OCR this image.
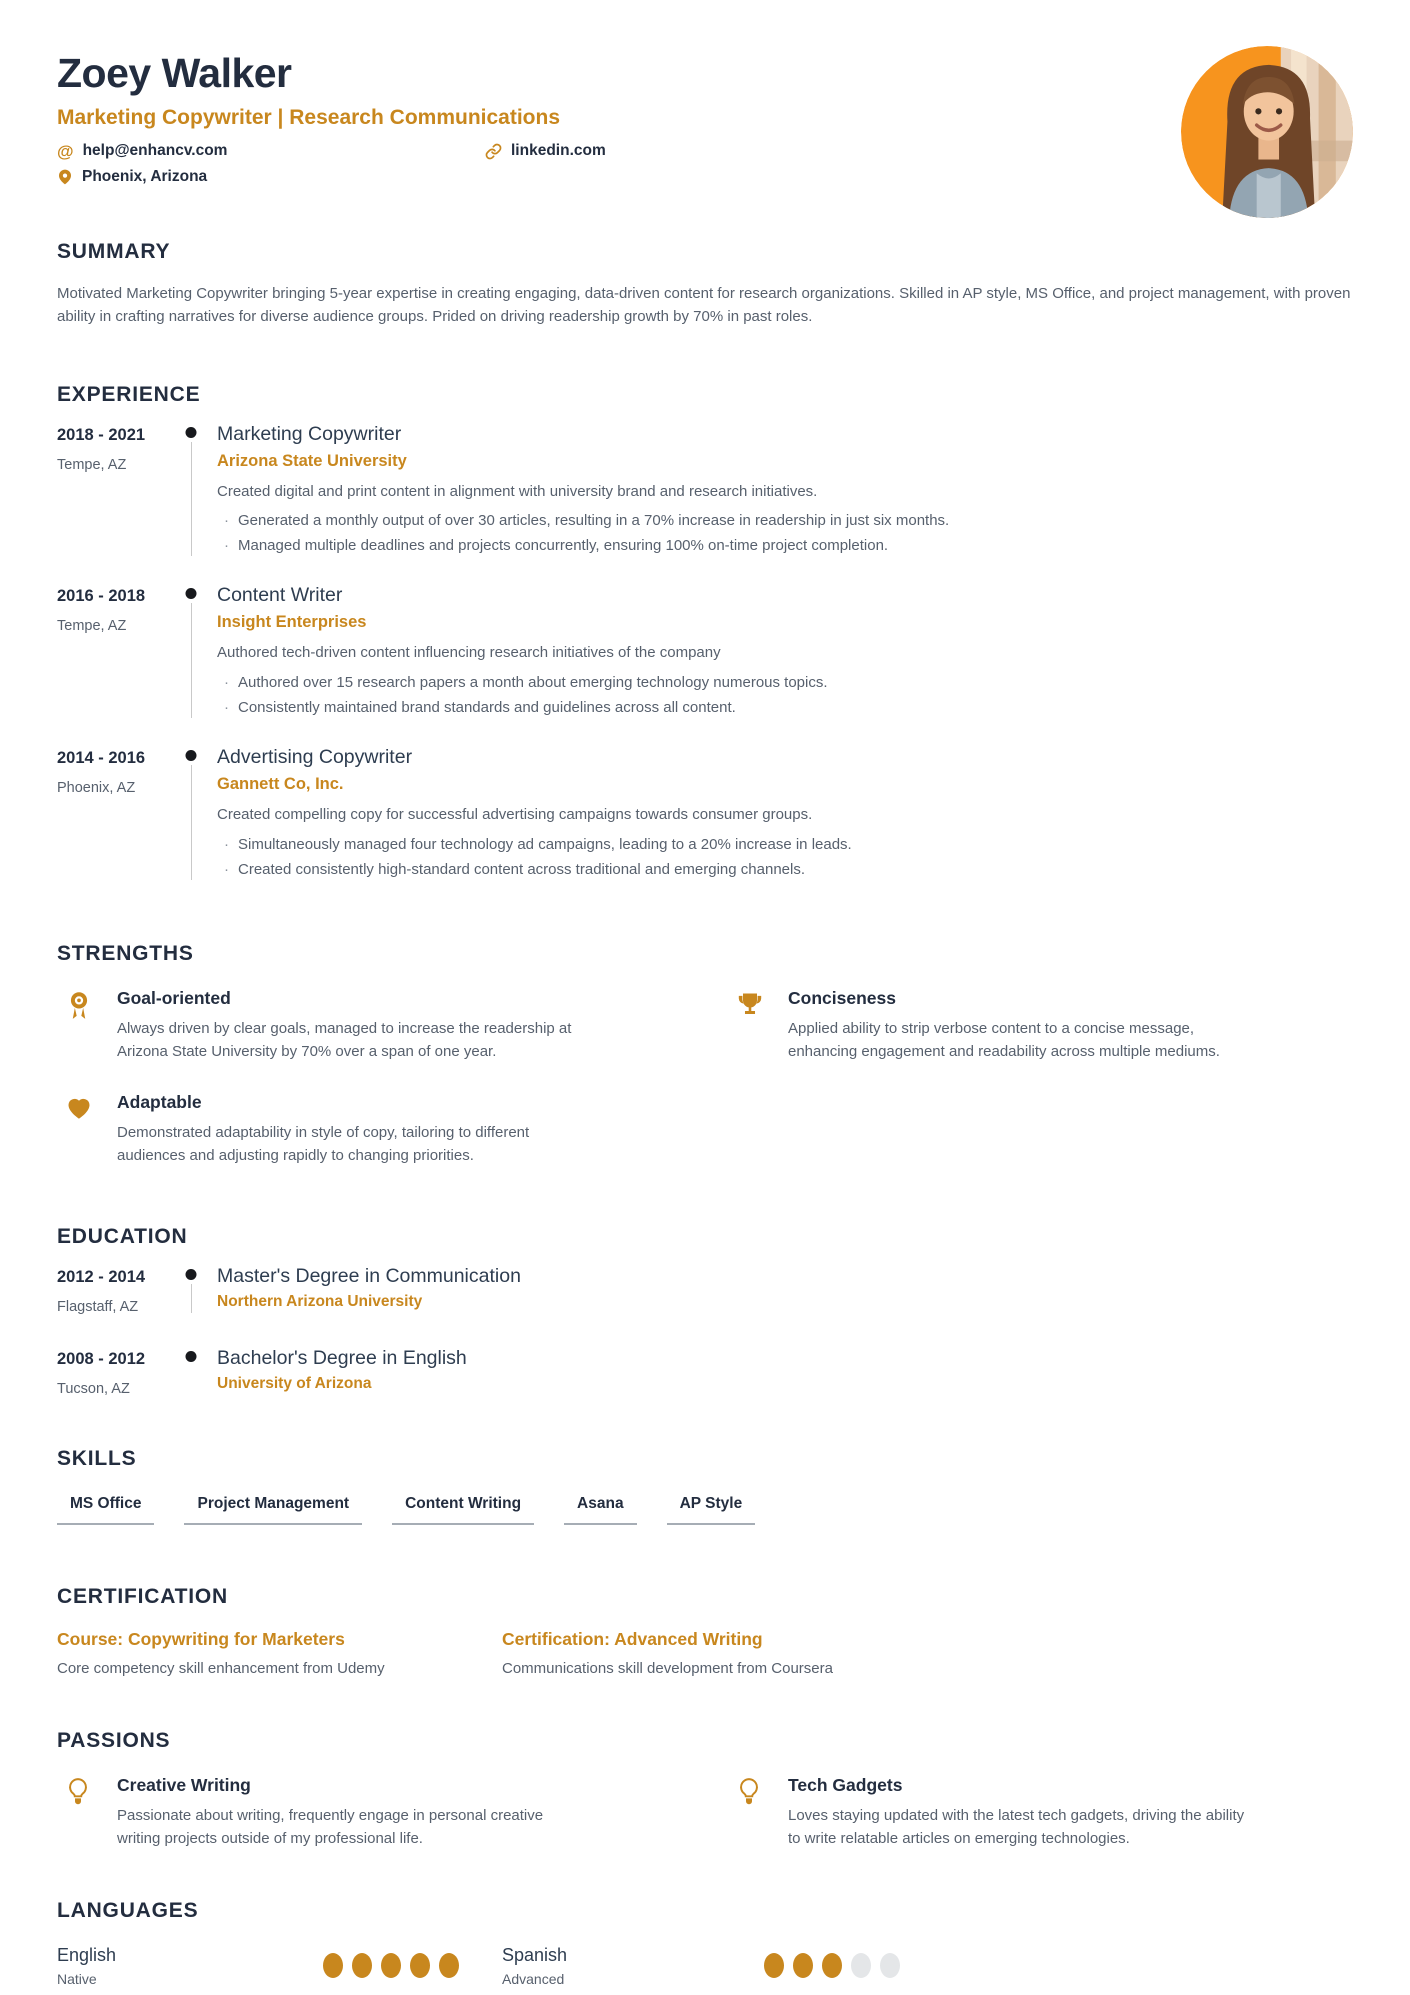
Zoey Walker
Marketing Copywriter | Research Communications
@ help@enhancv.com	linkedin.com
Phoenix, Arizona
SUMMARY
Motivated Marketing Copywriter bringing 5-year expertise in creating engaging, data-driven content for research organizations. Skilled in AP style, MS Office, and project management, with proven ability in crafting narratives for diverse audience groups. Prided on driving readership growth by 70% in past roles.
EXPERIENCE
2018 - 2021
Tempe, AZ
Marketing Copywriter
Arizona State University
Created digital and print content in alignment with university brand and research initiatives.
· Generated a monthly output of over 30 articles, resulting in a 70% increase in readership in just six months.
· Managed multiple deadlines and projects concurrently, ensuring 100% on-time project completion.
2016 - 2018
Tempe, AZ
Content Writer
Insight Enterprises
Authored tech-driven content influencing research initiatives of the company
· Authored over 15 research papers a month about emerging technology numerous topics.
· Consistently maintained brand standards and guidelines across all content.
2014 - 2016
Phoenix, AZ
Advertising Copywriter
Gannett Co, Inc.
Created compelling copy for successful advertising campaigns towards consumer groups.
· Simultaneously managed four technology ad campaigns, leading to a 20% increase in leads.
· Created consistently high-standard content across traditional and emerging channels.
STRENGTHS
Goal-oriented
Always driven by clear goals, managed to increase the readership at Arizona State University by 70% over a span of one year.
Conciseness
Applied ability to strip verbose content to a concise message, enhancing engagement and readability across multiple mediums.
Adaptable
Demonstrated adaptability in style of copy, tailoring to different audiences and adjusting rapidly to changing priorities.
EDUCATION
2012 - 2014
Flagstaff, AZ
Master's Degree in Communication
Northern Arizona University
2008 - 2012
Tucson, AZ
Bachelor's Degree in English
University of Arizona
SKILLS
MS Office	Project Management	Content Writing	Asana	AP Style
CERTIFICATION
Course: Copywriting for Marketers
Core competency skill enhancement from Udemy
Certification: Advanced Writing
Communications skill development from Coursera
PASSIONS
Creative Writing
Passionate about writing, frequently engage in personal creative writing projects outside of my professional life.
Tech Gadgets
Loves staying updated with the latest tech gadgets, driving the ability to write relatable articles on emerging technologies.
LANGUAGES
English
Native
Spanish
Advanced
